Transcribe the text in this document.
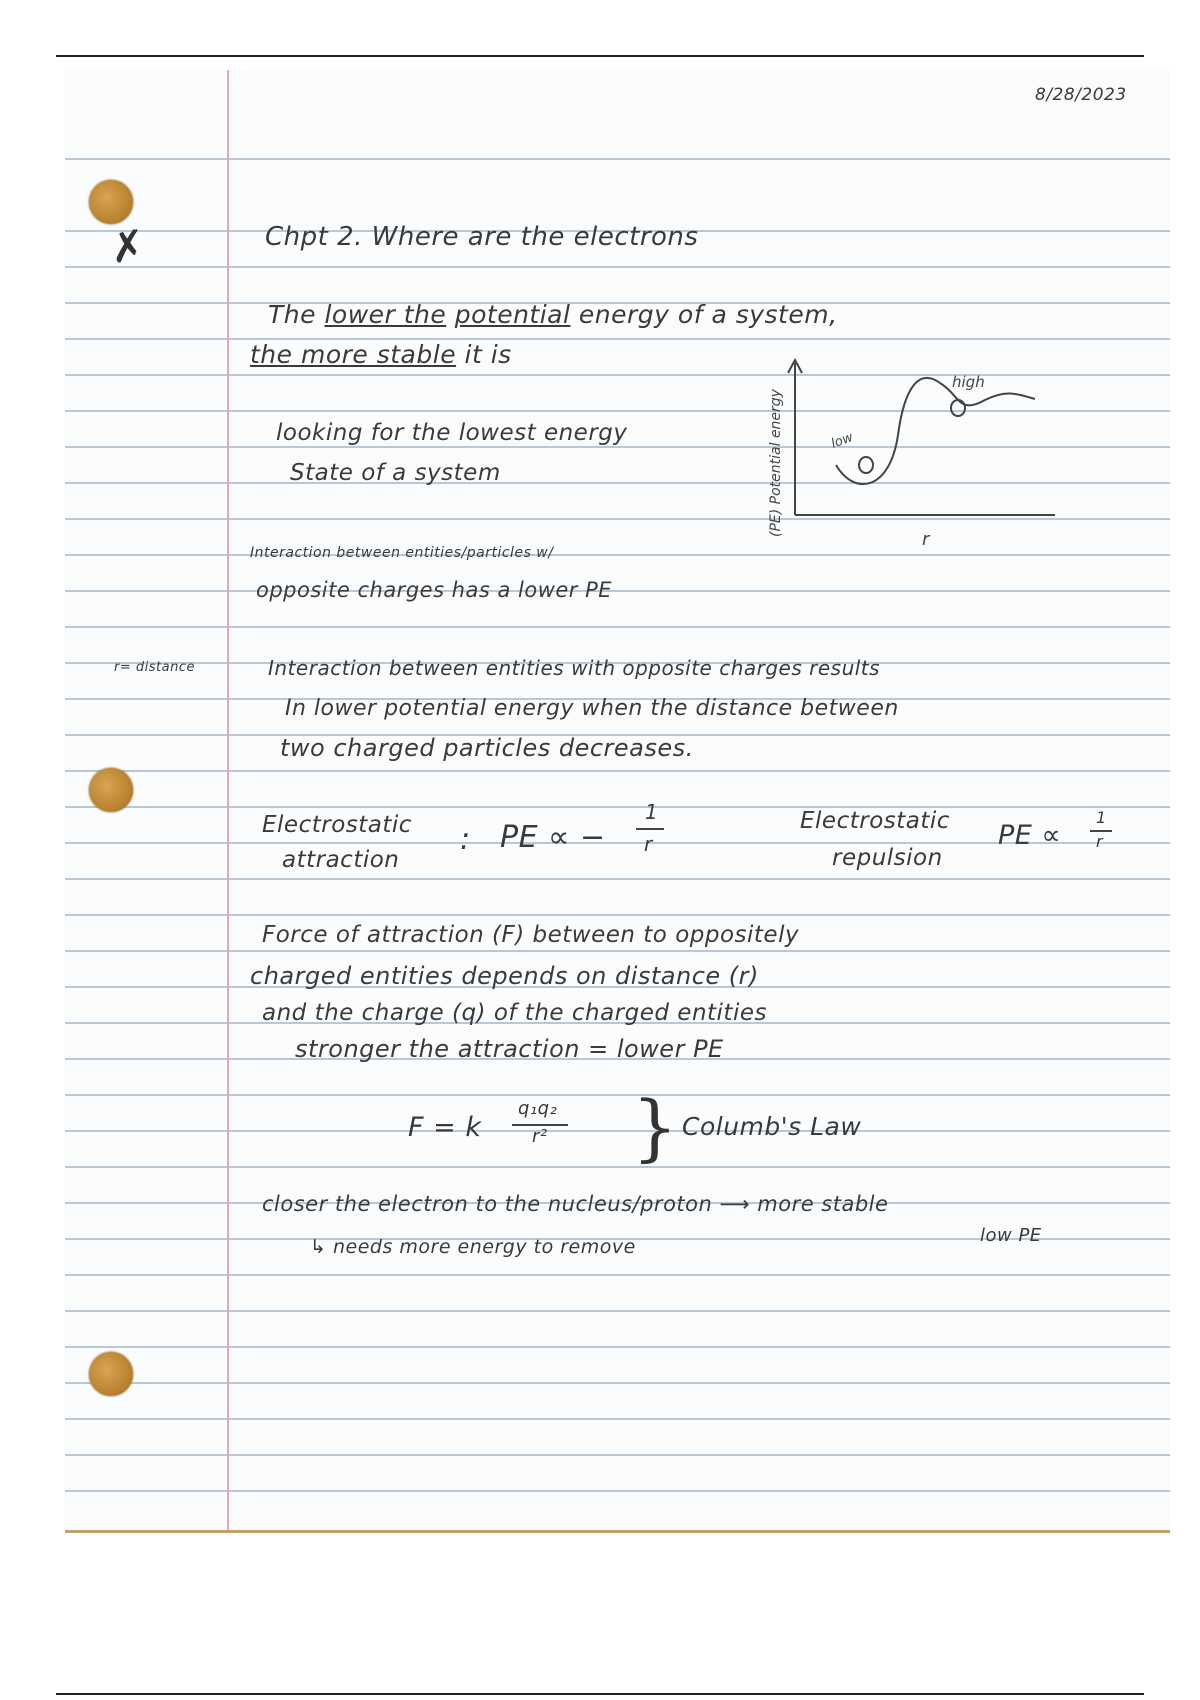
8/28/2023
Chpt 2. Where are the electrons
✗
The lower the potential energy of a system,
the more stable it is
looking for the lowest energy
State of a system
low
high
r
(PE) Potential energy
Interaction between entities/particles w/
opposite charges has a lower PE
r= distance	Interaction between entities with opposite charges results
In lower potential energy when the distance between
two charged particles decreases.
Electrostatic
attraction
: PE ∝ −
1
r
Electrostatic
repulsion
PE ∝
1
r
Force of attraction (F) between to oppositely
charged entities depends on distance (r)
and the charge (q) of the charged entities
stronger the attraction = lower PE
F = k
q₁q₂
r² } Columb's Law
closer the electron to the nucleus/proton ⟶ more stable
↳ needs more energy to remove
low PE
